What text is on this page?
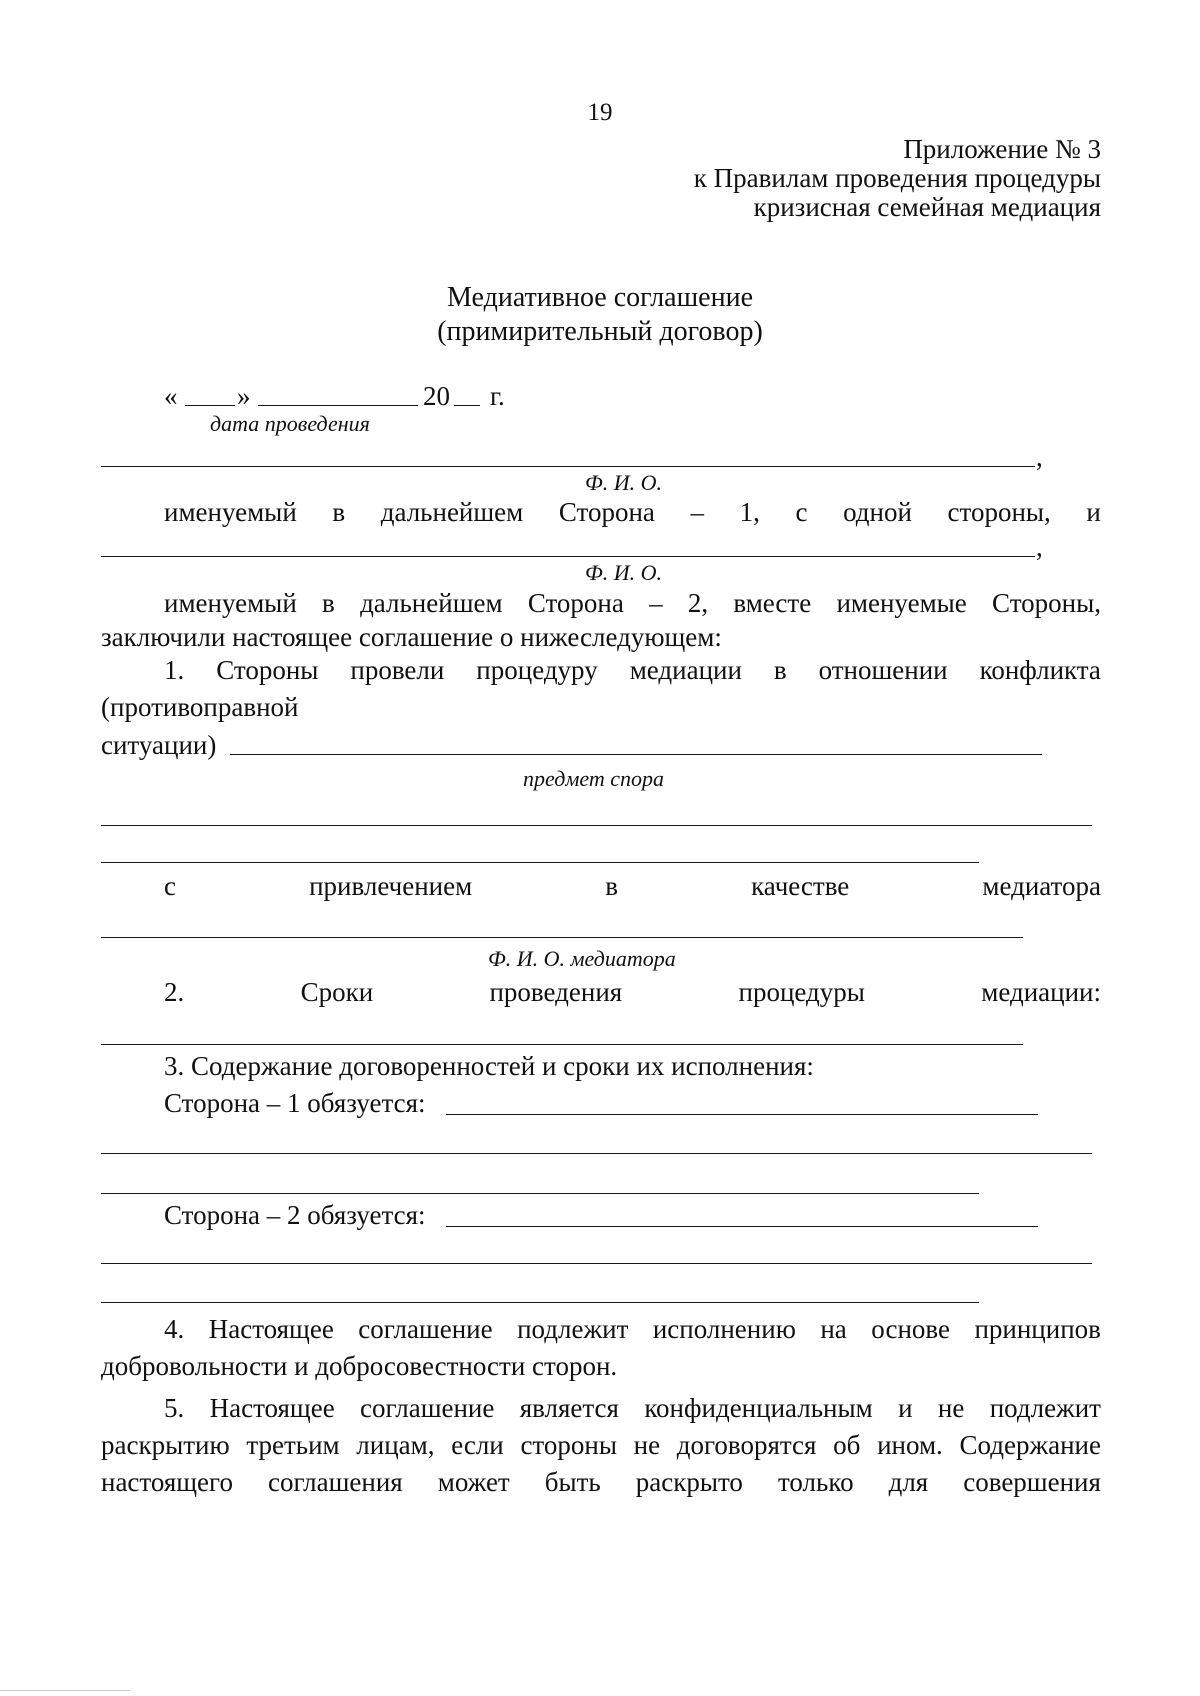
19
Приложение № 3
к Правилам проведения процедуры
кризисная семейная медиация
Медиативное соглашение
(примирительный договор)
« »	20 г.
дата проведения
,
Ф. И. О.
именуемый в дальнейшем Сторона – 1, с одной стороны, и
,
Ф. И. О.
именуемый в дальнейшем Сторона – 2, вместе именуемые Стороны,
заключили настоящее соглашение о нижеследующем:
1. Стороны провели процедуру медиации в отношении конфликта
(противоправной
ситуации)
предмет спора
с	привлечением	в	качестве	медиатора
Ф. И. О. медиатора
2.	Сроки	проведения	процедуры	медиации:
3. Содержание договоренностей и сроки их исполнения:
Сторона – 1 обязуется:
Сторона – 2 обязуется:
4. Настоящее соглашение подлежит исполнению на основе принципов
добровольности и добросовестности сторон.
5. Настоящее соглашение является конфиденциальным и не подлежит
раскрытию третьим лицам, если стороны не договорятся об ином. Содержание
настоящего соглашения может быть раскрыто только для совершения
